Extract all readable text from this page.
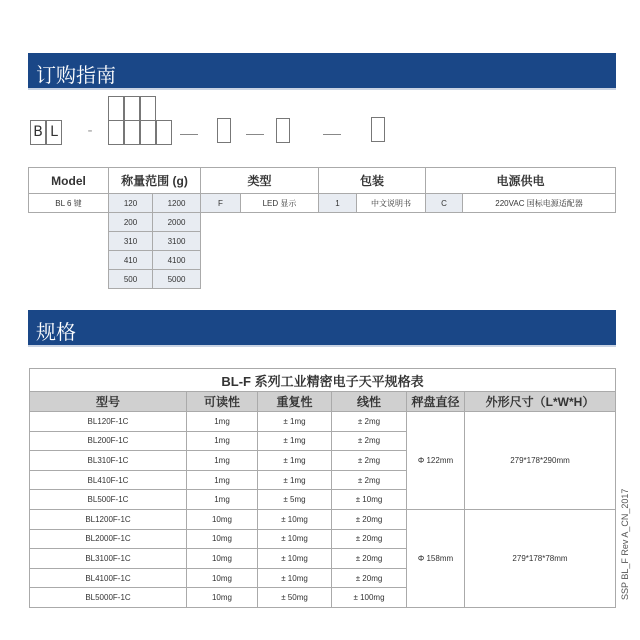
订购指南
B L -
Model	称量范围 (g)		类型		包装		电源供电	
BL 6 键	120	1200	F	LED 显示	1	中文说明书	C	220VAC 国标电源适配器
	200	2000						
	310	3100						
	410	4100						
	500	5000						
规格
BL-F 系列工业精密电子天平规格表					
型号	可读性	重复性	线性	秤盘直径	外形尺寸（L*W*H）
BL120F-1C	1mg	± 1mg	± 2mg	Φ 122mm	279*178*290mm
BL200F-1C	1mg	± 1mg	± 2mg		
BL310F-1C	1mg	± 1mg	± 2mg		
BL410F-1C	1mg	± 1mg	± 2mg		
BL500F-1C	1mg	± 5mg	± 10mg		
BL1200F-1C	10mg	± 10mg	± 20mg	Φ 158mm	279*178*78mm
BL2000F-1C	10mg	± 10mg	± 20mg		
BL3100F-1C	10mg	± 10mg	± 20mg		
BL4100F-1C	10mg	± 10mg	± 20mg		
BL5000F-1C	10mg	± 50mg	± 100mg			SSP BL_F Rev A_CN_2017
